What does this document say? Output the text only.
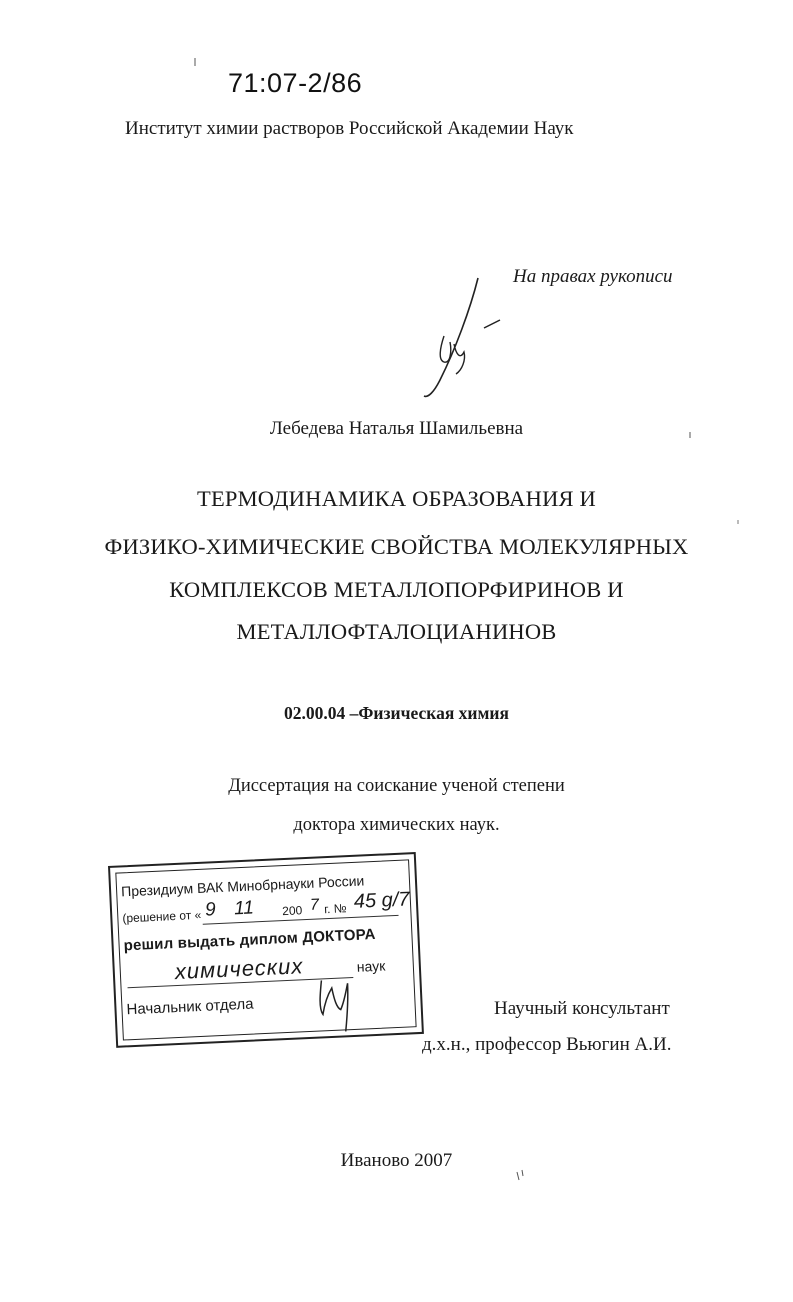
71:07-2/86
Институт химии растворов Российской Академии Наук
На правах рукописи
Лебедева Наталья Шамильевна
ТЕРМОДИНАМИКА ОБРАЗОВАНИЯ И
ФИЗИКО-ХИМИЧЕСКИЕ СВОЙСТВА МОЛЕКУЛЯРНЫХ
КОМПЛЕКСОВ МЕТАЛЛОПОРФИРИНОВ И
МЕТАЛЛОФТАЛОЦИАНИНОВ
02.00.04 –Физическая химия
Диссертация на соискание ученой степени
доктора химических наук.
Президиум ВАК Минобрнауки России
(решение от « 9 11 200 7 г. № 45 g/7
решил выдать диплом ДОКТОРА
химических	наук
Начальник отдела	Научный консультант
д.х.н., профессор Вьюгин А.И.
Иваново 2007
